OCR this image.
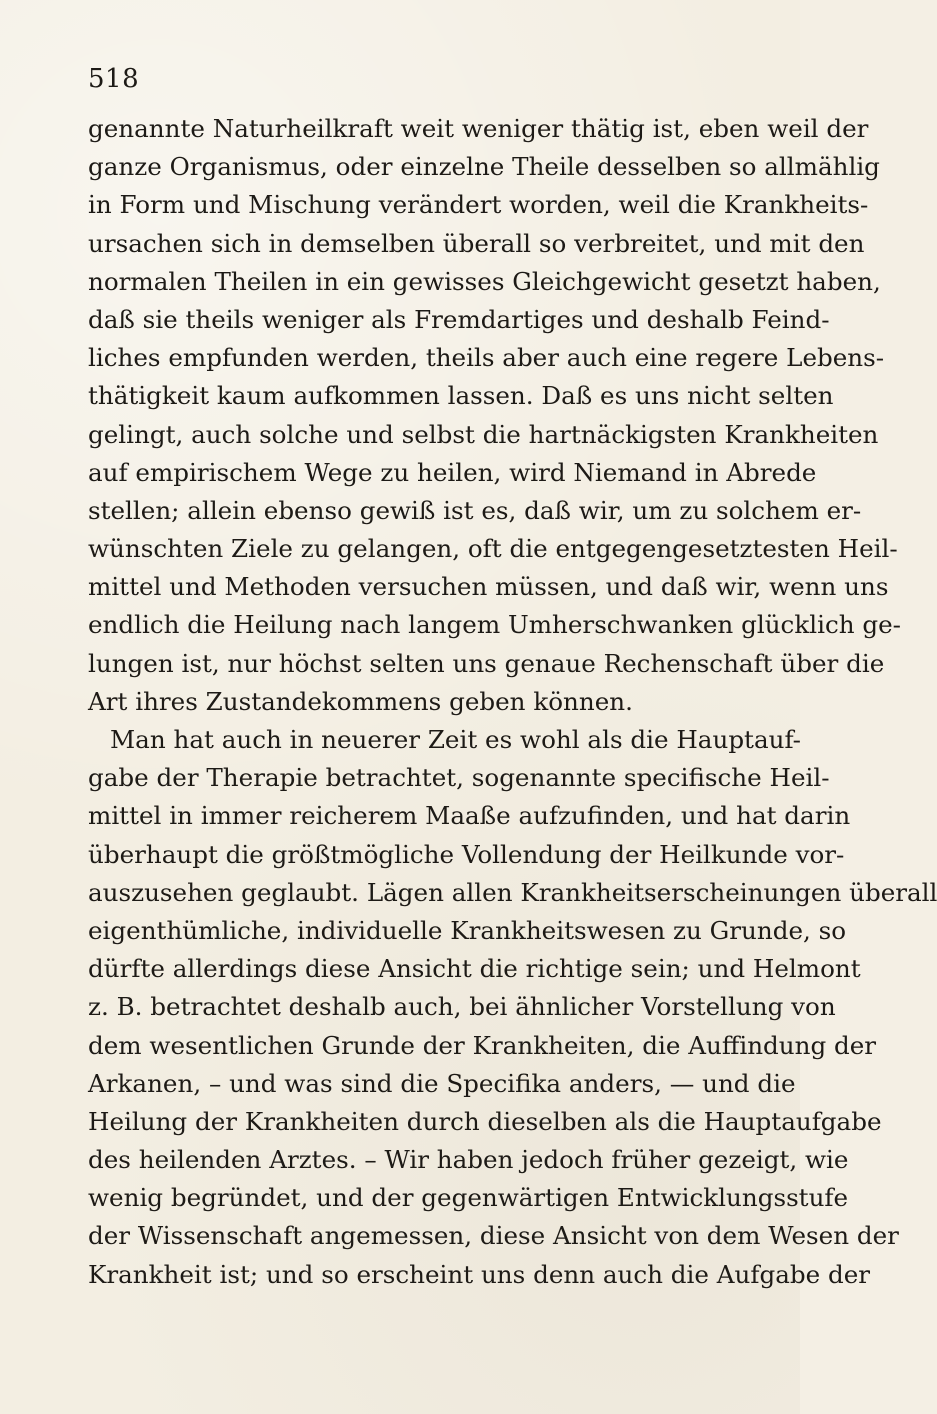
518
genannte Naturheilkraft weit weniger thätig ist, eben weil der
ganze Organismus, oder einzelne Theile desselben so allmählig
in Form und Mischung verändert worden, weil die Krankheits-
ursachen sich in demselben überall so verbreitet, und mit den
normalen Theilen in ein gewisses Gleichgewicht gesetzt haben,
daß sie theils weniger als Fremdartiges und deshalb Feind-
liches empfunden werden, theils aber auch eine regere Lebens-
thätigkeit kaum aufkommen lassen. Daß es uns nicht selten
gelingt, auch solche und selbst die hartnäckigsten Krankheiten
auf empirischem Wege zu heilen, wird Niemand in Abrede
stellen; allein ebenso gewiß ist es, daß wir, um zu solchem er-
wünschten Ziele zu gelangen, oft die entgegengesetztesten Heil-
mittel und Methoden versuchen müssen, und daß wir, wenn uns
endlich die Heilung nach langem Umherschwanken glücklich ge-
lungen ist, nur höchst selten uns genaue Rechenschaft über die
Art ihres Zustandekommens geben können.
Man hat auch in neuerer Zeit es wohl als die Hauptauf-
gabe der Therapie betrachtet, sogenannte specifische Heil-
mittel in immer reicherem Maaße aufzufinden, und hat darin
überhaupt die größtmögliche Vollendung der Heilkunde vor-
auszusehen geglaubt. Lägen allen Krankheitserscheinungen überall
eigenthümliche, individuelle Krankheitswesen zu Grunde, so
dürfte allerdings diese Ansicht die richtige sein; und Helmont
z. B. betrachtet deshalb auch, bei ähnlicher Vorstellung von
dem wesentlichen Grunde der Krankheiten, die Auffindung der
Arkanen, – und was sind die Specifika anders, — und die
Heilung der Krankheiten durch dieselben als die Hauptaufgabe
des heilenden Arztes. – Wir haben jedoch früher gezeigt, wie
wenig begründet, und der gegenwärtigen Entwicklungsstufe
der Wissenschaft angemessen, diese Ansicht von dem Wesen der
Krankheit ist; und so erscheint uns denn auch die Aufgabe der
